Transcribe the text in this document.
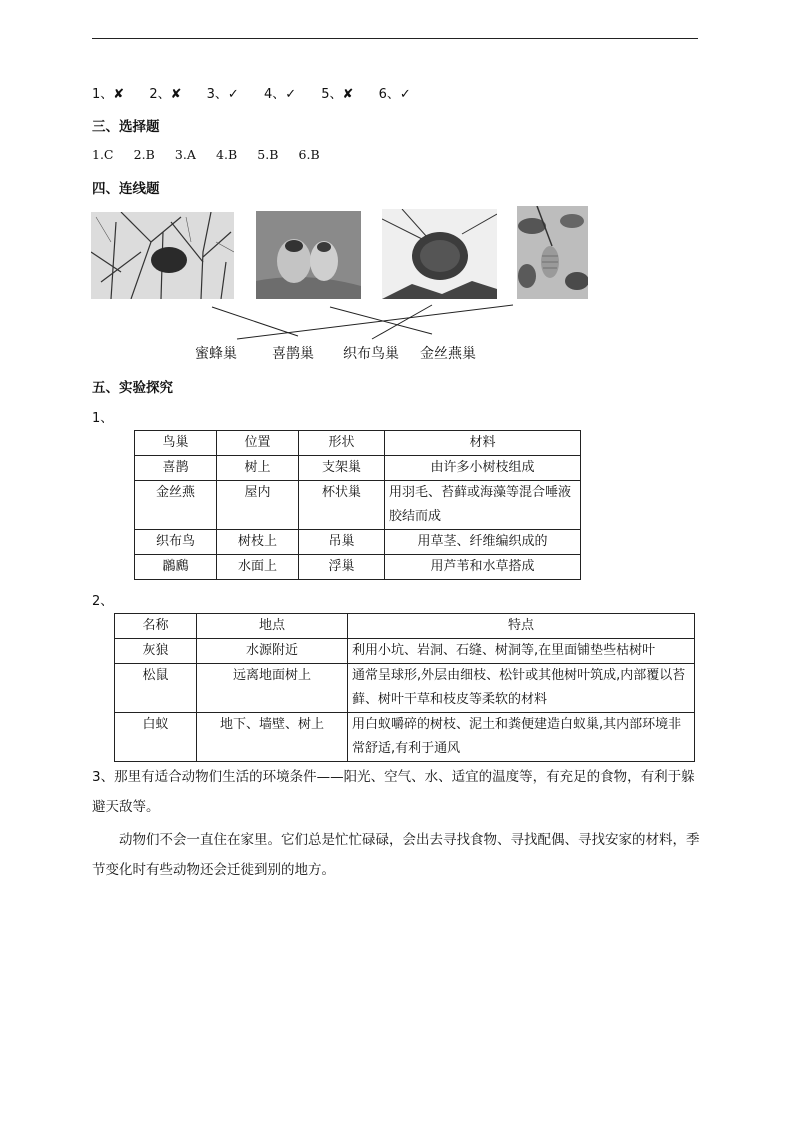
1、✘ 2、✘ 3、✓ 4、✓ 5、✘ 6、✓
三、选择题
1.C 2.B 3.A 4.B 5.B 6.B
四、连线题
蜜蜂巢	喜鹊巢 织布鸟巢 金丝燕巢
五、实验探究
1、
鸟巢	位置	形状	材料
喜鹊	树上	支架巢	由许多小树枝组成
金丝燕	屋内	杯状巢	用羽毛、苔藓或海藻等混合唾液胶结而成
织布鸟	树枝上	吊巢	用草茎、纤维编织成的
鸊鷉	水面上	浮巢	用芦苇和水草搭成
2、
名称	地点	特点
灰狼	水源附近	利用小坑、岩洞、石缝、树洞等,在里面铺垫些枯树叶
松鼠	远离地面树上	通常呈球形,外层由细枝、松针或其他树叶筑成,内部覆以苔藓、树叶干草和枝皮等柔软的材料
白蚁	地下、墙壁、树上	用白蚁嚼碎的树枝、泥土和粪便建造白蚁巢,其内部环境非常舒适,有利于通风
3、那里有适合动物们生活的环境条件——阳光、空气、水、适宜的温度等，有充足的食物，有利于躲避天敌等。
动物们不会一直住在家里。它们总是忙忙碌碌，会出去寻找食物、寻找配偶、寻找安家的材料，季节变化时有些动物还会迁徙到别的地方。
